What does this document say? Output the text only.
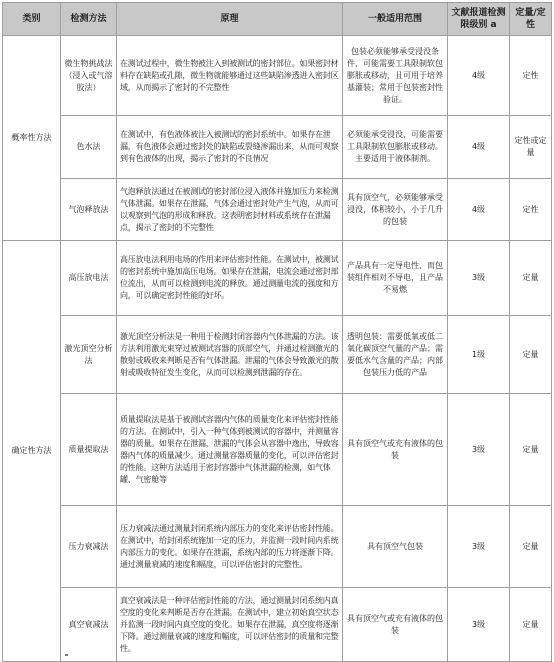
类别	检测方法	原理	一般适用范围	文献报道检测限级别 a	定量/定性
概率性方法	微生物挑战法（浸入或气溶胶法）	在测试过程中，微生物被注入到被测试的密封部位。如果密封材料存在缺陷或孔隙，微生物就能够通过这些缺陷渗透进入密封区域，从而揭示了密封的不完整性	包装必须能够承受浸没条件，可能需要工具限制软包膨胀或移动，且可用于培养基灌装；常用于包装密封性验证。	4级	定性
	色水法	在测试中，有色液体被注入被测试的密封系统中。如果存在泄漏，有色液体会通过密封处的缺陷或裂缝渗漏出来，从而可观察到有色液体的出现，揭示了密封的不良情况	必须能承受浸没，可能需要工具限制软包膨胀或移动。主要适用于液体制剂。	4级	定性或定量
	气泡释放法	气泡释放法通过在被测试的密封部位浸入液体并施加压力来检测气体泄漏。如果存在泄漏，气体会通过密封处产生气泡，从而可以观察到气泡的形成和释放。这表明密封材料或系统存在泄漏点，揭示了密封的不完整性	具有顶空气，必须能够承受浸没，体积较小，小于几升的包装	4级	定性
确定性方法	高压放电法	高压放电法利用电场的作用来评估密封性能。在测试中，被测试的密封系统中施加高压电场。如果存在泄漏，电流会通过密封部位流出，从而可以检测到电流的释放。通过测量电流的强度和方向，可以确定密封性能的好坏。	产品具有一定导电性，而包装组件相对不导电，且产品不易燃	3级	定量
	激光顶空分析法	激光顶空分析法是一种用于检测封闭容器内气体泄漏的方法。该方法利用激光束穿过被测试容器的顶部空气，并通过检测激光的散射或吸收来判断是否有气体泄漏。泄漏的气体会导致激光的散射或吸收特征发生变化，从而可以检测到泄漏的存在。	透明包装：需要低氧或低二氧化碳顶空气量的产品；需要低水气含量的产品；内部包装压力低的产品	1级	定量
	质量提取法	质量提取法是基于被测试容器内气体的质量变化来评估密封性能的方法。在测试中，引入一种气体到被测试的容器中，并测量容器的质量。如果存在泄漏，泄漏的气体会从容器中逸出，导致容器内气体的质量减少。通过测量容器质量的变化，可以评估密封的性能。这种方法适用于密封容器中气体泄漏的检测，如气体罐、气密舱等	具有顶空气或充有液体的包装	3级	定量
	压力衰减法	压力衰减法通过测量封闭系统内部压力的变化来评估密封性能。在测试中，给封闭系统施加一定的压力，并监测一段时间内系统内部压力的变化。如果存在泄漏，系统内部的压力将逐渐下降。通过测量衰减的速度和幅度，可以评估密封的完整性。	具有顶空气包装	3级	定量
	真空衰减法	真空衰减法是一种评估密封性能的方法，通过测量封闭系统内真空度的变化来判断是否存在泄漏。在测试中，建立初始真空状态并监测一段时间内真空度的变化。如果存在泄漏，真空度将逐渐下降。通过测量衰减的速度和幅度，可以评估密封的质量和完整性。	具有顶空气或充有液体的包装	3级	定量
